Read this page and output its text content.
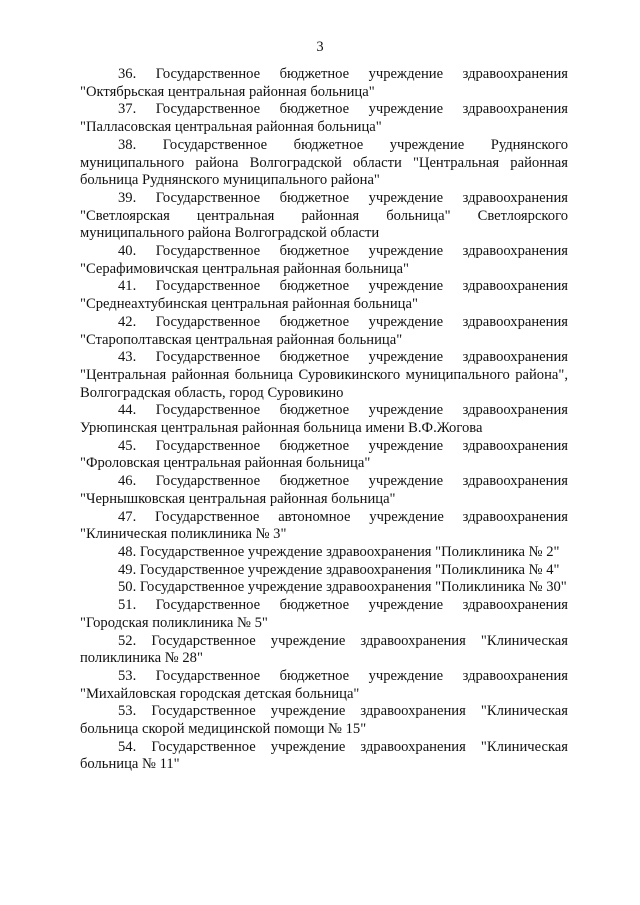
3

36. Государственное бюджетное учреждение здравоохранения "Октябрьская центральная районная больница"

37. Государственное бюджетное учреждение здравоохранения "Палласовская центральная районная больница"

38. Государственное бюджетное учреждение Руднянского муниципального района Волгоградской области "Центральная районная больница Руднянского муниципального района"

39. Государственное бюджетное учреждение здравоохранения "Светлоярская центральная районная больница" Светлоярского муниципального района Волгоградской области

40. Государственное бюджетное учреждение здравоохранения "Серафимовичская центральная районная больница"

41. Государственное бюджетное учреждение здравоохранения "Среднеахтубинская центральная районная больница"

42. Государственное бюджетное учреждение здравоохранения "Старополтавская центральная районная больница"

43. Государственное бюджетное учреждение здравоохранения "Центральная районная больница Суровикинского муниципального района", Волгоградская область, город Суровикино

44. Государственное бюджетное учреждение здравоохранения Урюпинская центральная районная больница имени В.Ф.Жогова

45. Государственное бюджетное учреждение здравоохранения "Фроловская центральная районная больница"

46. Государственное бюджетное учреждение здравоохранения "Чернышковская центральная районная больница"

47. Государственное автономное учреждение здравоохранения "Клиническая поликлиника № 3"

48. Государственное учреждение здравоохранения "Поликлиника № 2"

49. Государственное учреждение здравоохранения "Поликлиника № 4"

50. Государственное учреждение здравоохранения "Поликлиника № 30"

51. Государственное бюджетное учреждение здравоохранения "Городская поликлиника № 5"

52. Государственное учреждение здравоохранения "Клиническая поликлиника № 28"

53. Государственное бюджетное учреждение здравоохранения "Михайловская городская детская больница"

53. Государственное учреждение здравоохранения "Клиническая больница скорой медицинской помощи № 15"

54. Государственное учреждение здравоохранения "Клиническая больница № 11"
